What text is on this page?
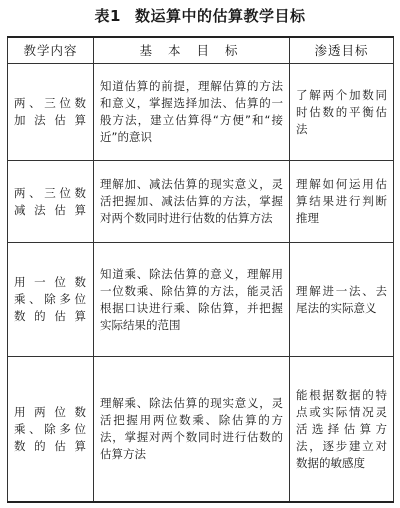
表1 数运算中的估算教学目标
教学内容	基 本 目 标	渗透目标
两、三位数加法估算	知道估算的前提，理解估算的方法和意义，掌握选择加法、估算的一般方法，建立估算得“方便”和“接近”的意识	了解两个加数同时估数的平衡估法
两、三位数减法估算	理解加、减法估算的现实意义，灵活把握加、减法估算的方法，掌握对两个数同时进行估数的估算方法	理解如何运用估算结果进行判断推理
用一位数乘、除多位数的估算	知道乘、除法估算的意义，理解用一位数乘、除估算的方法，能灵活根据口诀进行乘、除估算，并把握实际结果的范围	理解进一法、去尾法的实际意义
用两位数乘、除多位数的估算	理解乘、除法估算的现实意义，灵活把握用两位数乘、除估算的方法，掌握对两个数同时进行估数的估算方法	能根据数据的特点或实际情况灵活选择估算方法，逐步建立对数据的敏感度
